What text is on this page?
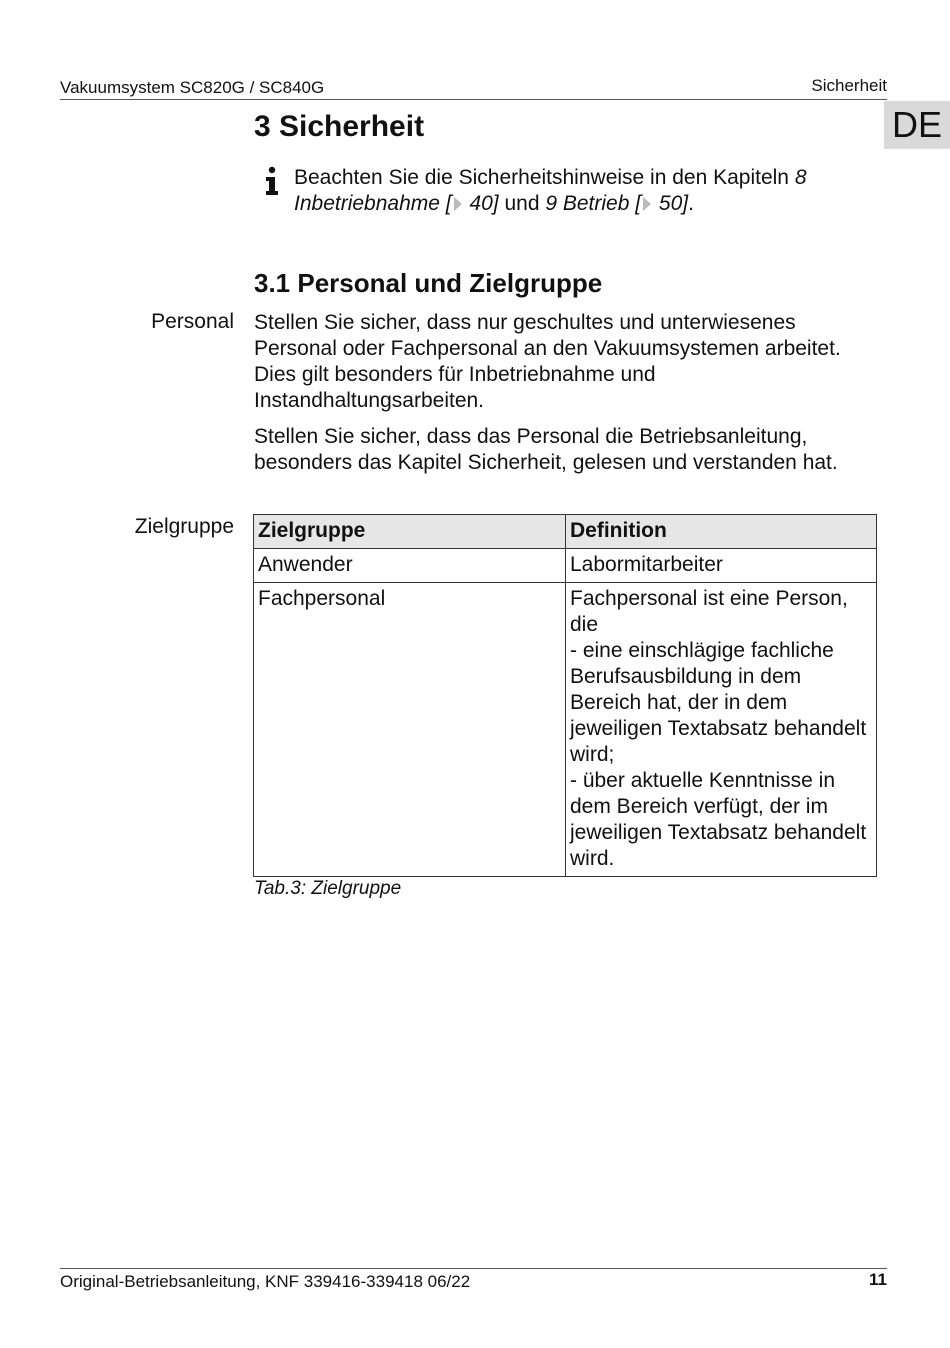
Vakuumsystem SC820G / SC840G	Sicherheit
DE
3 Sicherheit
Beachten Sie die Sicherheitshinweise in den Kapiteln 8 Inbetriebnahme [ 40] und 9 Betrieb [ 50].
3.1 Personal und Zielgruppe
Personal Stellen Sie sicher, dass nur geschultes und unterwiesenes Personal oder Fachpersonal an den Vakuumsystemen arbeitet. Dies gilt besonders für Inbetriebnahme und Instandhaltungsarbeiten.
Stellen Sie sicher, dass das Personal die Betriebsanleitung, besonders das Kapitel Sicherheit, gelesen und verstanden hat.
Zielgruppe Zielgruppe	Definition
Anwender	Labormitarbeiter

Fachpersonal	Fachpersonal ist eine Person, die
- eine einschlägige fachliche Berufsausbildung in dem Bereich hat, der in dem jeweiligen Textabsatz behandelt wird;
- über aktuelle Kenntnisse in dem Bereich verfügt, der im jeweiligen Textabsatz behandelt wird.
Tab.3: Zielgruppe
Original-Betriebsanleitung, KNF 339416-339418 06/22	11
